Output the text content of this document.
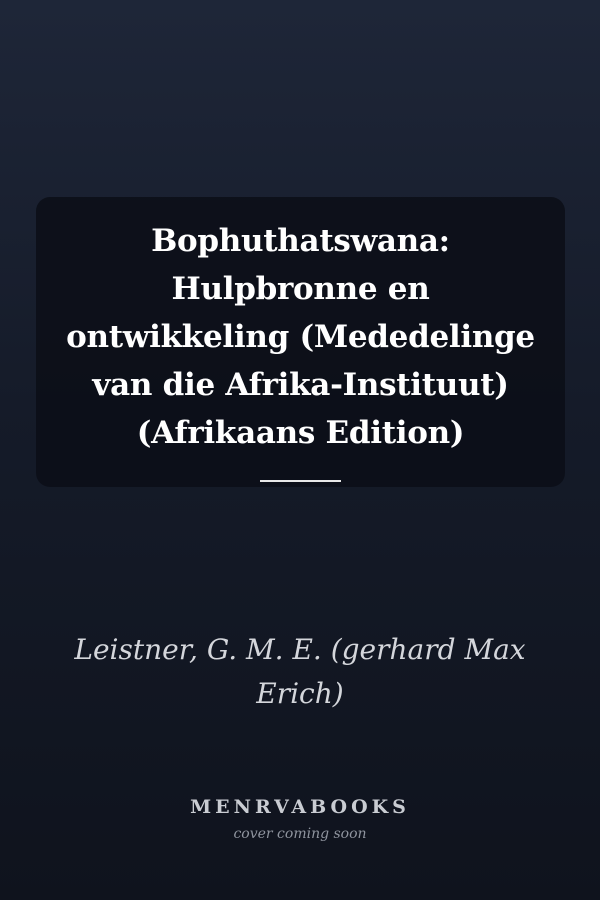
Bophuthatswana: Hulpbronne en ontwikkeling (Mededelinge van die Afrika-Instituut) (Afrikaans Edition)
Leistner, G. M. E. (gerhard Max Erich)
MENRVABOOKS
cover coming soon
